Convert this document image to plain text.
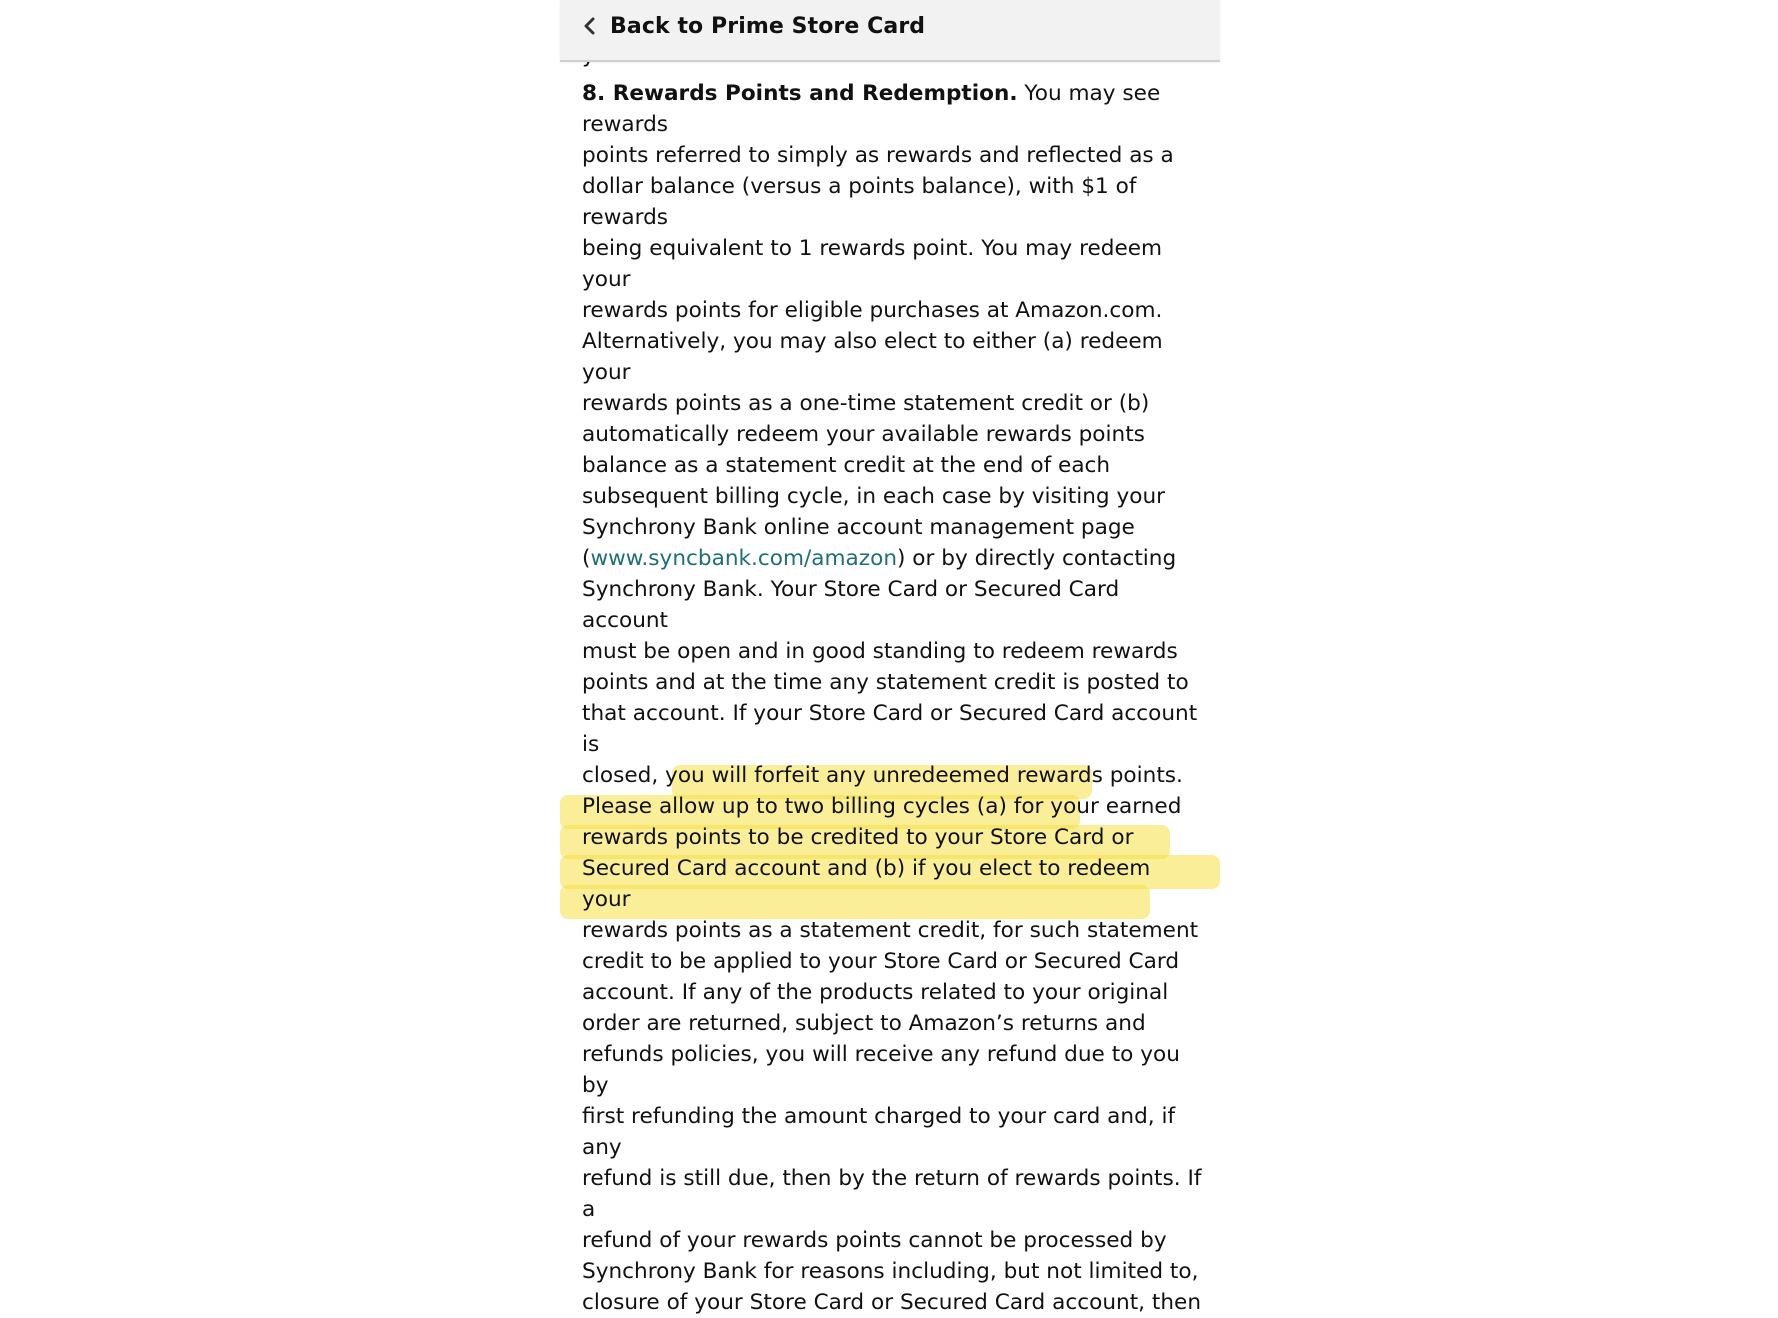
Back to Prime Store Card
8. Rewards Points and Redemption. You may see rewards
points referred to simply as rewards and reflected as a
dollar balance (versus a points balance), with $1 of rewards
being equivalent to 1 rewards point. You may redeem your
rewards points for eligible purchases at Amazon.com.
Alternatively, you may also elect to either (a) redeem your
rewards points as a one-time statement credit or (b)
automatically redeem your available rewards points
balance as a statement credit at the end of each
subsequent billing cycle, in each case by visiting your
Synchrony Bank online account management page
(www.syncbank.com/amazon) or by directly contacting
Synchrony Bank. Your Store Card or Secured Card account
must be open and in good standing to redeem rewards
points and at the time any statement credit is posted to
that account. If your Store Card or Secured Card account is
closed, you will forfeit any unredeemed rewards points.
Please allow up to two billing cycles (a) for your earned
rewards points to be credited to your Store Card or
Secured Card account and (b) if you elect to redeem your
rewards points as a statement credit, for such statement
credit to be applied to your Store Card or Secured Card
account. If any of the products related to your original
order are returned, subject to Amazon’s returns and
refunds policies, you will receive any refund due to you by
first refunding the amount charged to your card and, if any
refund is still due, then by the return of rewards points. If a
refund of your rewards points cannot be processed by
Synchrony Bank for reasons including, but not limited to,
closure of your Store Card or Secured Card account, then
